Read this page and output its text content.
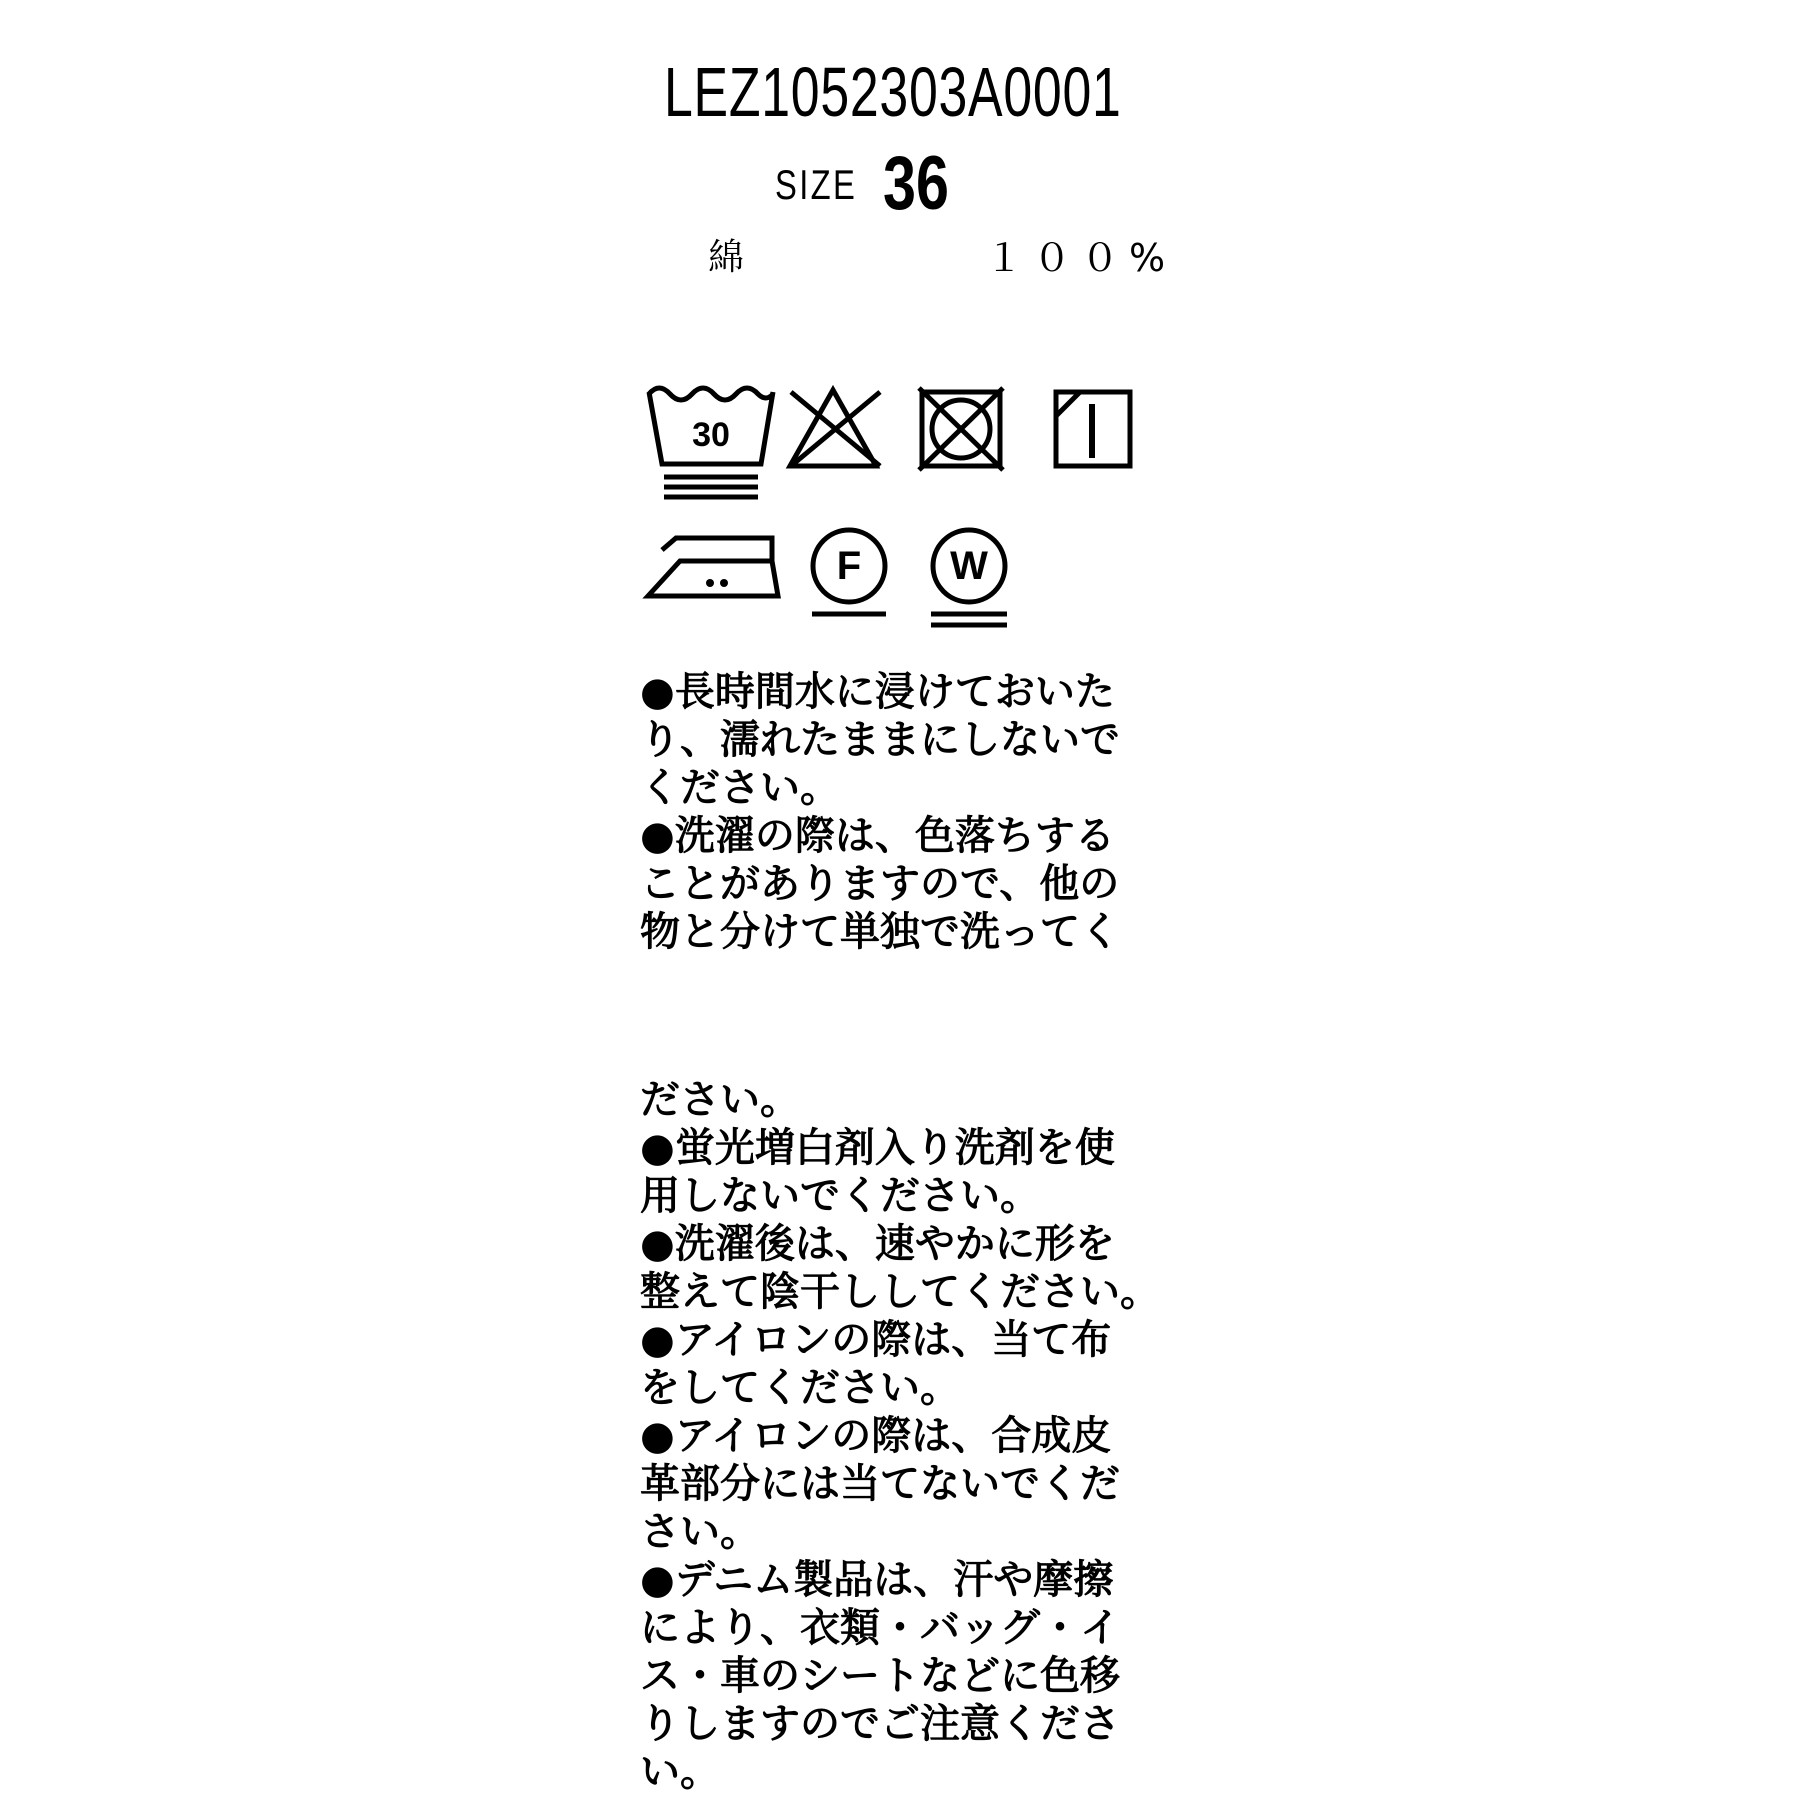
LEZ1052303A0001
SIZE 36
綿	１００%
30
F W
●長時間水に浸けておいた
り、濡れたままにしないで
ください。
●洗濯の際は、色落ちする
ことがありますので、他の
物と分けて単独で洗ってく
ださい。
●蛍光増白剤入り洗剤を使
用しないでください。
●洗濯後は、速やかに形を
整えて陰干ししてください。
●アイロンの際は、当て布
をしてください。
●アイロンの際は、合成皮
革部分には当てないでくだ
さい。
●デニム製品は、汗や摩擦
により、衣類・バッグ・イ
ス・車のシートなどに色移
りしますのでご注意くださ
い。
